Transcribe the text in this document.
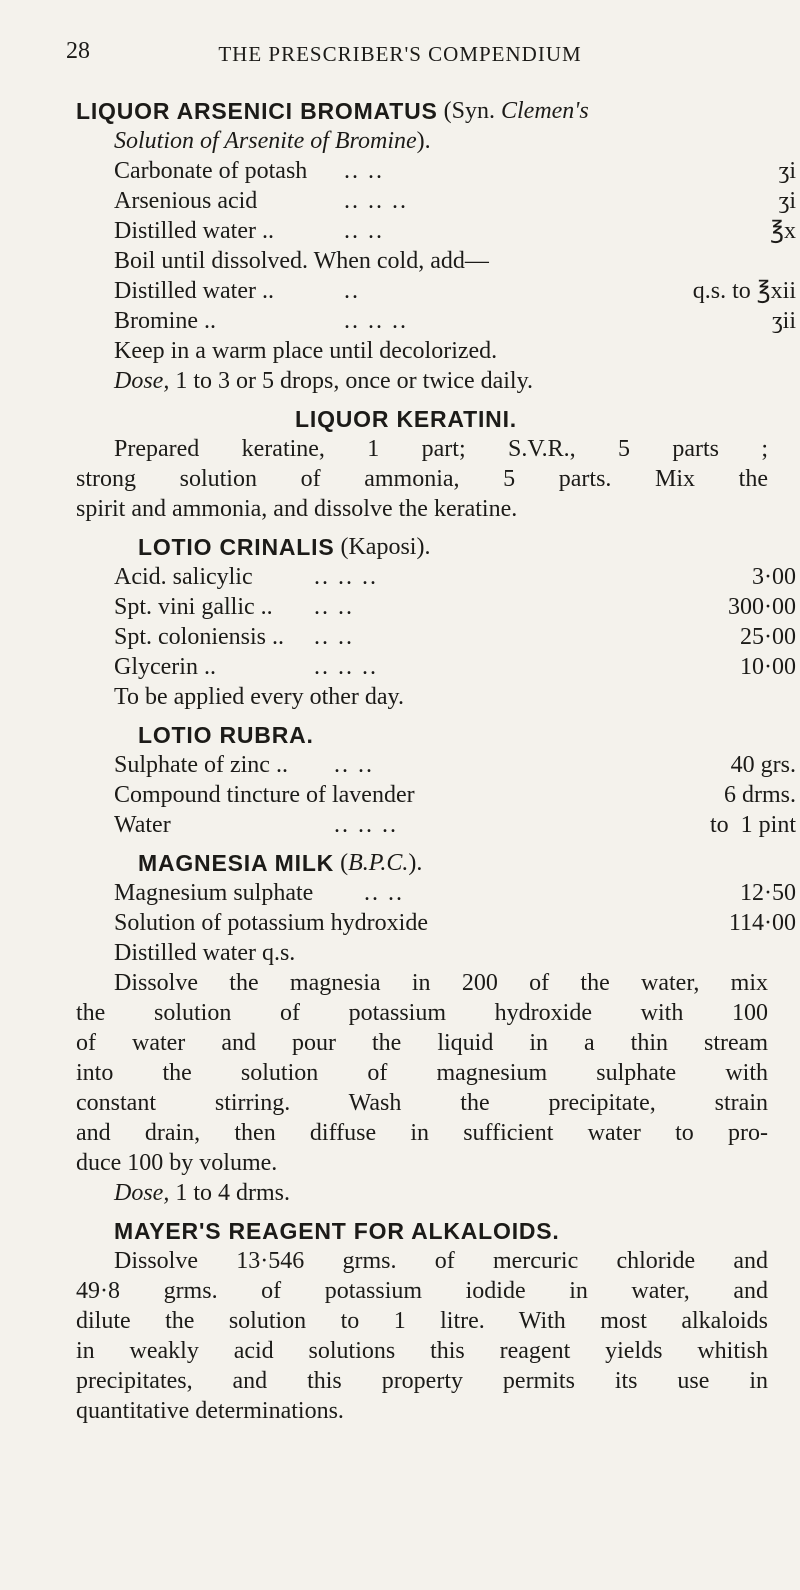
28	THE PRESCRIBER'S COMPENDIUM
LIQUOR ARSENICI BROMATUS (Syn. Clemen's
Solution of Arsenite of Bromine ).
Carbonate of potash	.. ..	ʒi
Arsenious acid	.. .. ..	ʒi
Distilled water ..	.. ..	℥x
Boil until dissolved. When cold, add—
Distilled water ..	..	q.s. to ℥xii
Bromine ..	.. .. ..	ʒii
Keep in a warm place until decolorized.
Dose, 1 to 3 or 5 drops, once or twice daily.
LIQUOR KERATINI.
Prepared keratine, 1 part; S.V.R., 5 parts ;
strong solution of ammonia, 5 parts. Mix the
spirit and ammonia, and dissolve the keratine.
LOTIO CRINALIS (Kaposi).
Acid. salicylic	.. .. ..	3·00
Spt. vini gallic ..	.. ..	300·00
Spt. coloniensis ..	.. ..	25·00
Glycerin ..	.. .. ..	10·00
To be applied every other day.
LOTIO RUBRA.
Sulphate of zinc ..	.. ..	40 grs.
Compound tincture of lavender	6 drms.
Water	.. .. ..	to  1 pint
MAGNESIA MILK ( B.P.C. ).
Magnesium sulphate	.. ..	12·50
Solution of potassium hydroxide	114·00
Distilled water q.s.
Dissolve the magnesia in 200 of the water, mix
the solution of potassium hydroxide with 100
of water and pour the liquid in a thin stream
into the solution of magnesium sulphate with
constant stirring. Wash the precipitate, strain
and drain, then diffuse in sufficient water to pro-
duce 100 by volume.
Dose, 1 to 4 drms.
MAYER'S REAGENT FOR ALKALOIDS.
Dissolve 13·546 grms. of mercuric chloride and
49·8 grms. of potassium iodide in water, and
dilute the solution to 1 litre. With most alkaloids
in weakly acid solutions this reagent yields whitish
precipitates, and this property permits its use in
quantitative determinations.
